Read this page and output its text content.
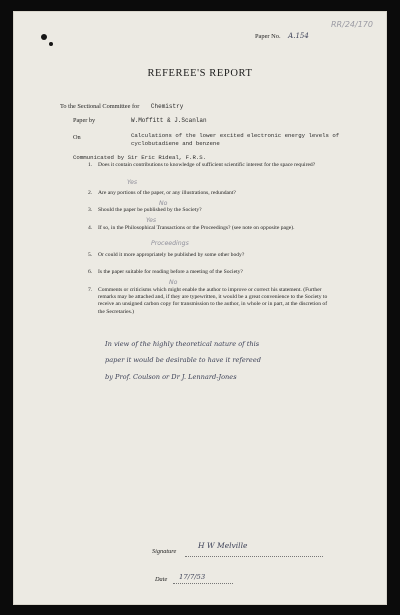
Paper No. A.154
RR/24/170
REFEREE'S REPORT
To the Sectional Committee for Chemistry
Paper by	W.Moffitt & J.Scanlan
On	Calculations of the lower excited electronic energy levels of
cyclobutadiene and benzene
Communicated by Sir Eric Rideal, F.R.S.
1. Does it contain contributions to knowledge of sufficient scientific interest for the space required?
Yes
2. Are any portions of the paper, or any illustrations, redundant?
No
3. Should the paper be published by the Society?
Yes
4. If so, in the Philosophical Transactions or the Proceedings? (see note on opposite page).
Proceedings
5. Or could it more appropriately be published by some other body?
6. Is the paper suitable for reading before a meeting of the Society?
No
7. Comments or criticisms which might enable the author to improve or correct his statement. (Further remarks may be attached and, if they are typewritten, it would be a great convenience to the Society to receive an unsigned carbon copy for transmission to the author, in whole or in part, at the discretion of the Secretaries.)
In view of the highly theoretical nature of this
paper it would be desirable to have it refereed
by Prof. Coulson or Dr J. Lennard-Jones
Signature
H W Melville
Date 17/7/53
